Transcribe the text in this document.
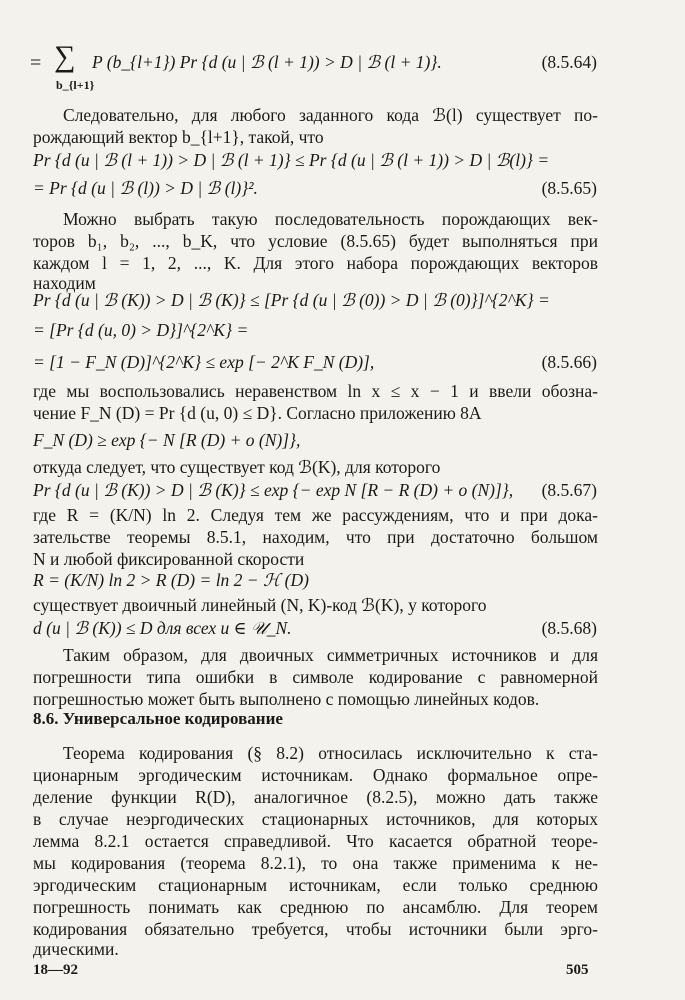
= ∑
b_{l+1}
P (b_{l+1}) Pr {d (u | ℬ (l + 1)) > D | ℬ (l + 1)}.	(8.5.64)
Следовательно, для любого заданного кода ℬ(l) существует по-
рождающий вектор b_{l+1}, такой, что
Pr {d (u | ℬ (l + 1)) > D | ℬ (l + 1)} ≤ Pr {d (u | ℬ (l + 1)) > D | ℬ(l)} =
= Pr {d (u | ℬ (l)) > D | ℬ (l)}².	(8.5.65)
Можно выбрать такую последовательность порождающих век-
торов b₁, b₂, ..., b_K, что условие (8.5.65) будет выполняться при
каждом l = 1, 2, ..., K. Для этого набора порождающих векторов
находим
Pr {d (u | ℬ (K)) > D | ℬ (K)} ≤ [Pr {d (u | ℬ (0)) > D | ℬ (0)}]^{2^K} =
= [Pr {d (u, 0) > D}]^{2^K} =
= [1 − F_N (D)]^{2^K} ≤ exp [− 2^K F_N (D)],	(8.5.66)
где мы воспользовались неравенством ln x ≤ x − 1 и ввели обозна-
чение F_N (D) = Pr {d (u, 0) ≤ D}. Согласно приложению 8А
F_N (D) ≥ exp {− N [R (D) + o (N)]},
откуда следует, что существует код ℬ(K), для которого
Pr {d (u | ℬ (K)) > D | ℬ (K)} ≤ exp {− exp N [R − R (D) + o (N)]}, (8.5.67)
где R = (K/N) ln 2. Следуя тем же рассуждениям, что и при дока-
зательстве теоремы 8.5.1, находим, что при достаточно большом
N и любой фиксированной скорости
R = (K/N) ln 2 > R (D) = ln 2 − ℋ (D)
существует двоичный линейный (N, K)-код ℬ(K), у которого
d (u | ℬ (K)) ≤ D для всех u ∈ 𝒰_N.	(8.5.68)
Таким образом, для двоичных симметричных источников и для
погрешности типа ошибки в символе кодирование с равномерной
погрешностью может быть выполнено с помощью линейных кодов.
8.6. Универсальное кодирование
Теорема кодирования (§ 8.2) относилась исключительно к ста-
ционарным эргодическим источникам. Однако формальное опре-
деление функции R(D), аналогичное (8.2.5), можно дать также
в случае неэргодических стационарных источников, для которых
лемма 8.2.1 остается справедливой. Что касается обратной теоре-
мы кодирования (теорема 8.2.1), то она также применима к не-
эргодическим стационарным источникам, если только среднюю
погрешность понимать как среднюю по ансамблю. Для теорем
кодирования обязательно требуется, чтобы источники были эрго-
дическими.
18—92	505
